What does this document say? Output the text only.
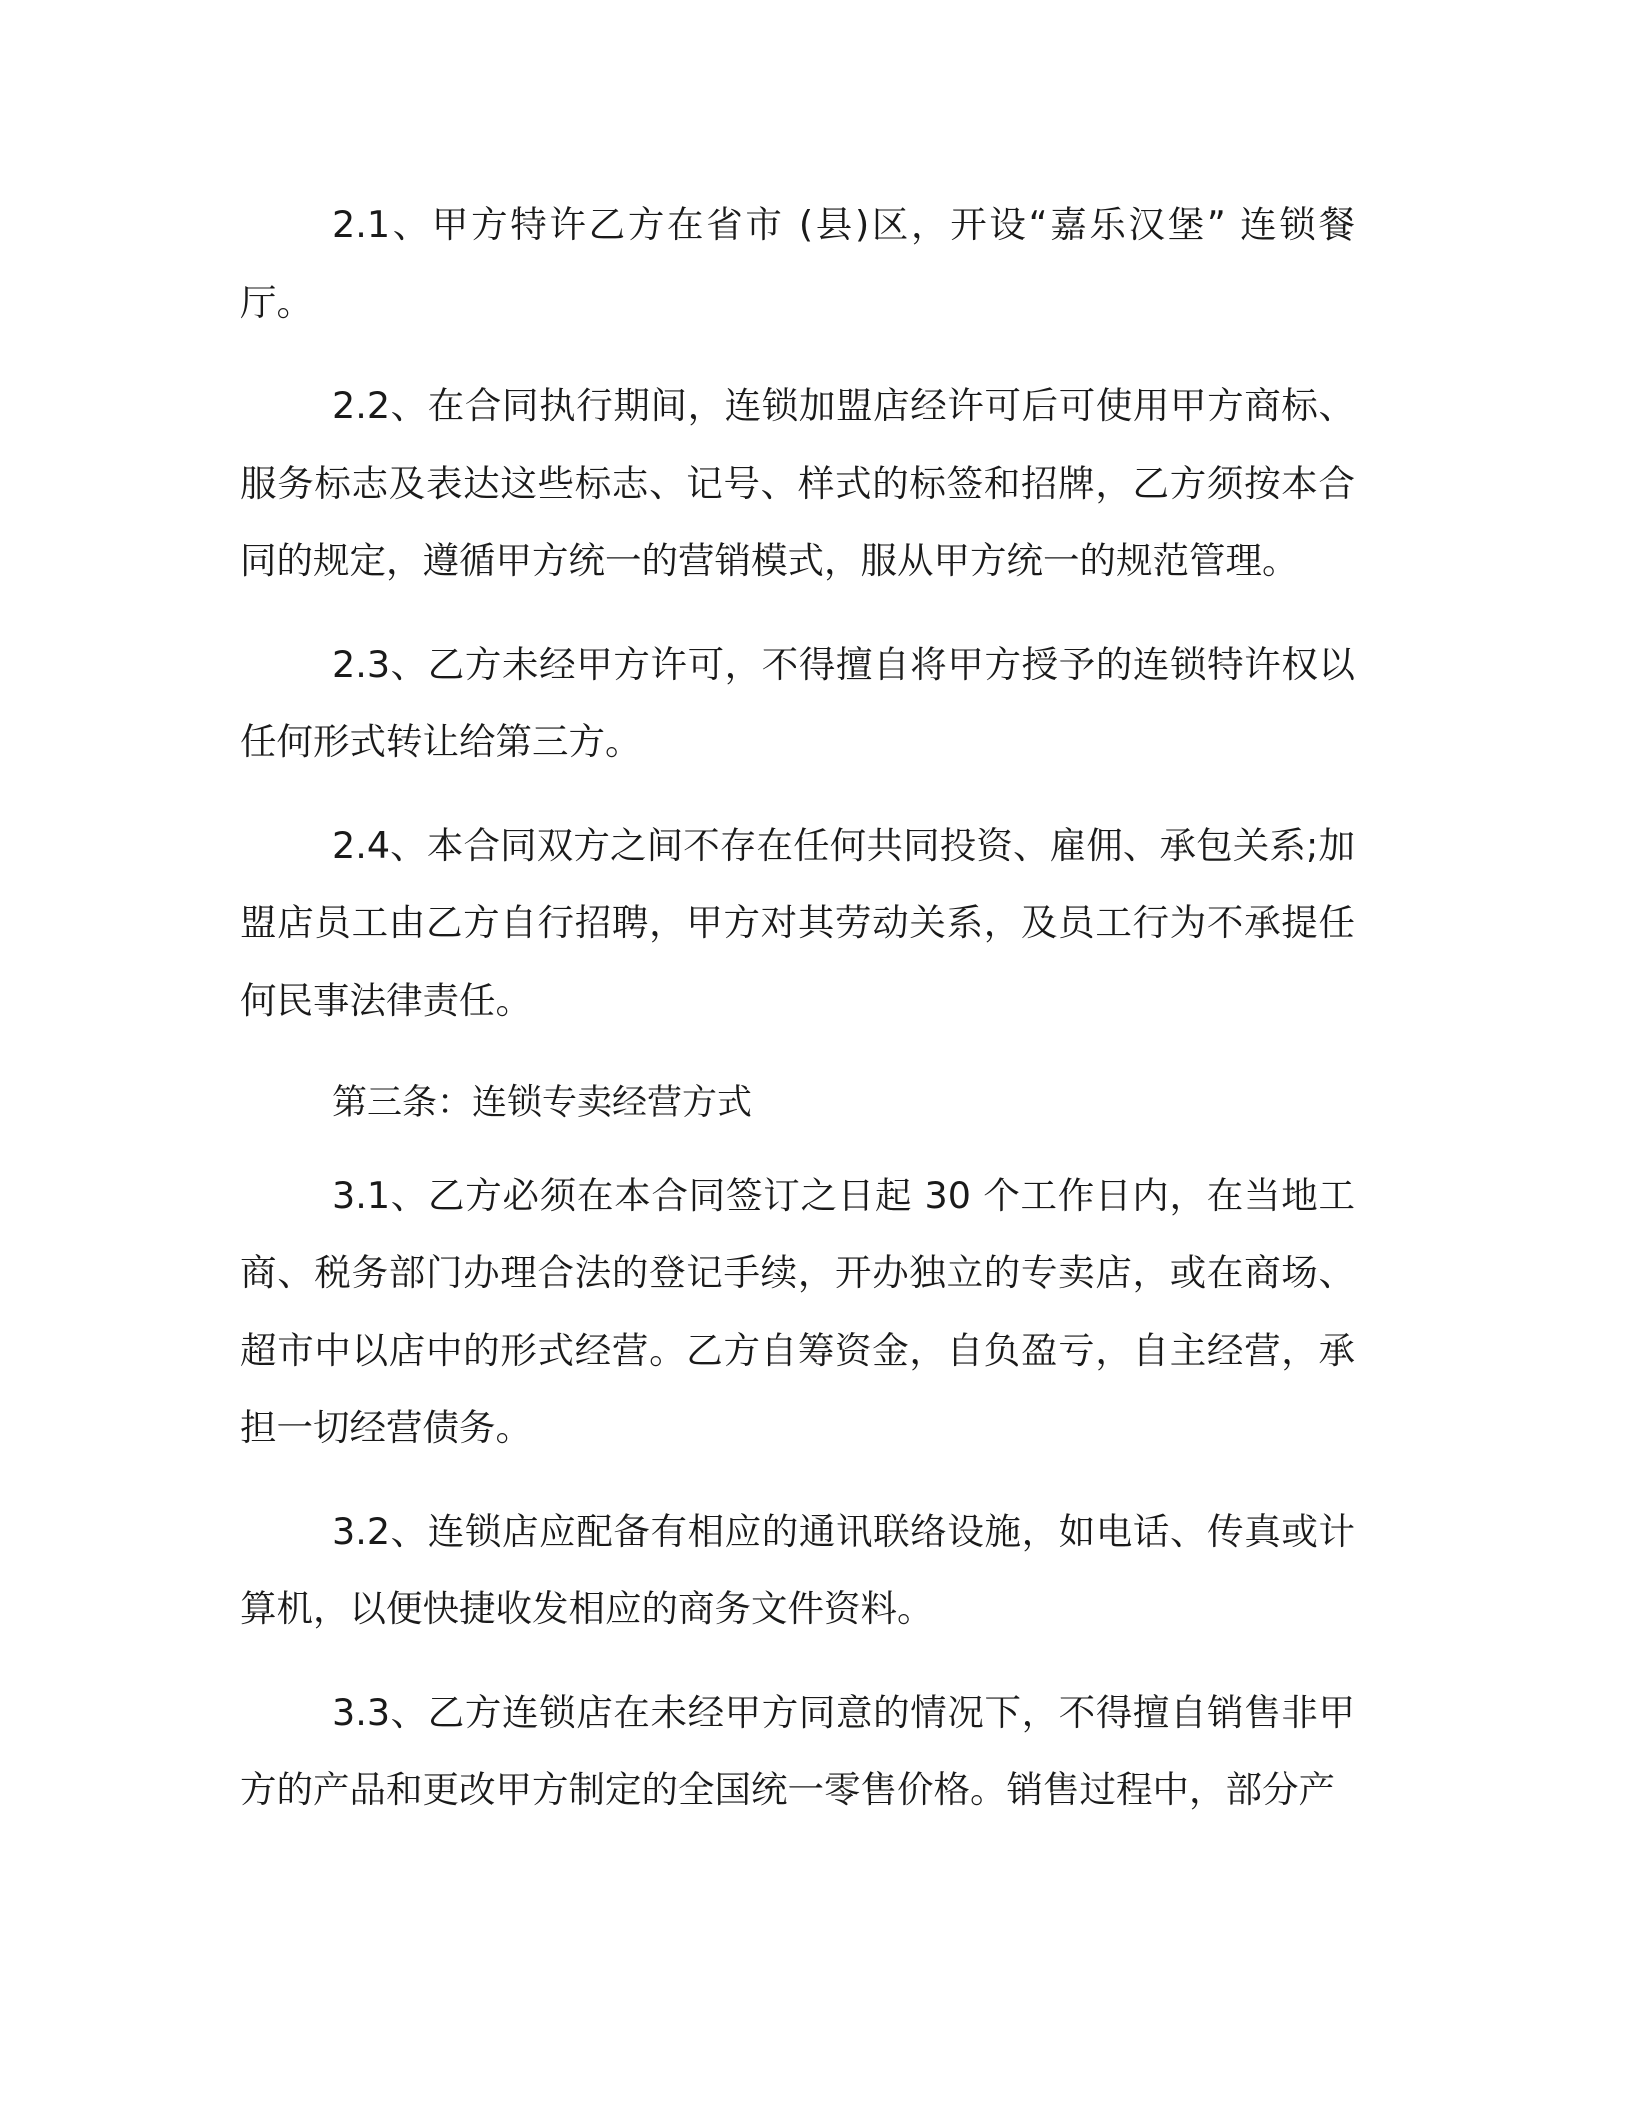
2.1、甲方特许乙方在省市 (县)区，开设“嘉乐汉堡” 连锁餐厅。

2.2、在合同执行期间，连锁加盟店经许可后可使用甲方商标、服务标志及表达这些标志、记号、样式的标签和招牌，乙方须按本合同的规定，遵循甲方统一的营销模式，服从甲方统一的规范管理。

2.3、乙方未经甲方许可，不得擅自将甲方授予的连锁特许权以任何形式转让给第三方。

2.4、本合同双方之间不存在任何共同投资、雇佣、承包关系;加盟店员工由乙方自行招聘，甲方对其劳动关系，及员工行为不承提任何民事法律责任。

第三条：连锁专卖经营方式

3.1、乙方必须在本合同签订之日起 30 个工作日内，在当地工商、税务部门办理合法的登记手续，开办独立的专卖店，或在商场、超市中以店中的形式经营。乙方自筹资金，自负盈亏，自主经营，承担一切经营债务。

3.2、连锁店应配备有相应的通讯联络设施，如电话、传真或计算机，以便快捷收发相应的商务文件资料。

3.3、乙方连锁店在未经甲方同意的情况下，不得擅自销售非甲方的产品和更改甲方制定的全国统一零售价格。销售过程中，部分产
